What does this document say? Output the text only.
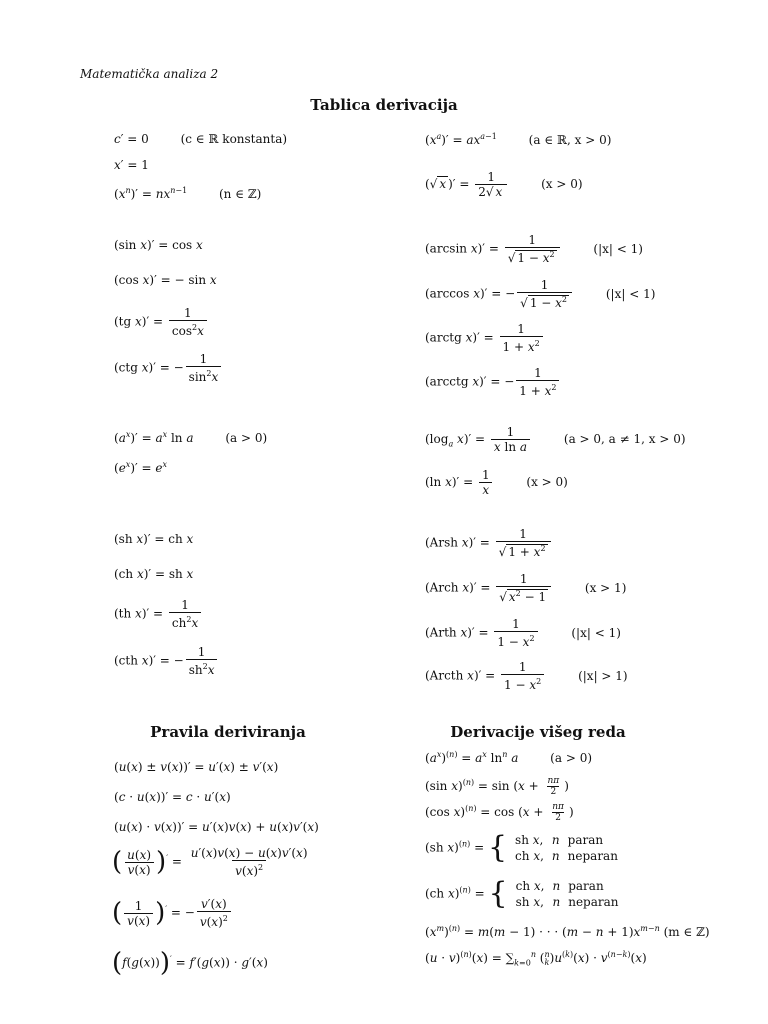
Matematička analiza 2
Tablica derivacija
c′ = 0 (c ∈ ℝ konstanta)
x′ = 1
$(x^n)' = nx^{n-1}$	(n ∈ ℤ)
$(x^a)' = ax^{a-1}$	(a ∈ ℝ, x > 0)
(√ x )′ = $\frac{1}{2√ x}$	(x > 0)
(sin x)′ = cos x
(cos x)′ = − sin x
(tg $x)' = \frac{1}{\cos^2x}$
(ctg x)′ = − $\frac{1}{\sin^2x}$
(arcsin $x)' = \frac{1}{√ 1 - x^2}$	(|x| < 1)
(arccos x)′ = − $\frac{1}{√ 1 - x^2}$	(|x| < 1)
(arctg $x)' = \frac{1}{1 + x^2}$
(arcctg x)′ = − $\frac{1}{1 + x^2}$
$(a^x)' = a^x$ ln a	(a > 0)
$(e^x)' = e^x$
($\log_a$ $x)' = \frac{1}{\text{x ln a}}$	(a > 0, a ≠ 1, x > 0)
(ln $x)' = \frac{1}{x}$	(x > 0)
(sh x)′ = ch x
(ch x)′ = sh x
(th $x)' = \frac{1}{ch^2x}$
(cth x)′ = − $\frac{1}{sh^2x}$
(Arsh $x)' = \frac{1}{√ 1 + x^2}$
(Arch $x)' = \frac{1}{√ x^2 - 1}$	(x > 1)
(Arth $x)' = \frac{1}{1 - x^2}$	(|x| < 1)
(Arcth $x)' = \frac{1}{1 - x^2}$	(|x| > 1)
Pravila deriviranja	Derivacije višeg reda
(u(x) ± v(x))′ = u′(x) ± v′(x)
(c · u(x))′ = c · u′(x)
(u(x) · v(x))′ = u′(x)v(x) + u(x)v′(x)
( $\frac{u(x)}{v(x)} )' = \frac{u'(x)v(x) - u(x)v'(x)}{v(x)^2}$
( $\frac{1}{v(x)} )'$ = − $\frac{v'(x)}{v(x)^2}$
(f(g(x)))′ = f′(g(x)) · g′(x)
$(a^x)^{(n)} = a^x$ $\ln^n a$	(a > 0)
(sin $x)^{(n)} = \sin (x + \frac{n\pi}{2}$ )
(cos $x)^{(n)} = \cos (x + \frac{n\pi}{2}$ )
(sh x)$^{(n)}$ = { sh x,	n	paran
ch x,	n	neparan
(ch x)$^{(n)}$ = { ch x,	n	paran
sh x,	n	neparan
$(x^m)^{(n)} = m(m - 1)$ · · · $(m - n + 1)x^{m-n}$ (m ∈ ℤ)
$(u \cdot v)^{(n)}(x) = \sum_{k=0}^n$ ( n
k )$u^{(k)}(x) \cdot v^{(n-k)}(x)$
